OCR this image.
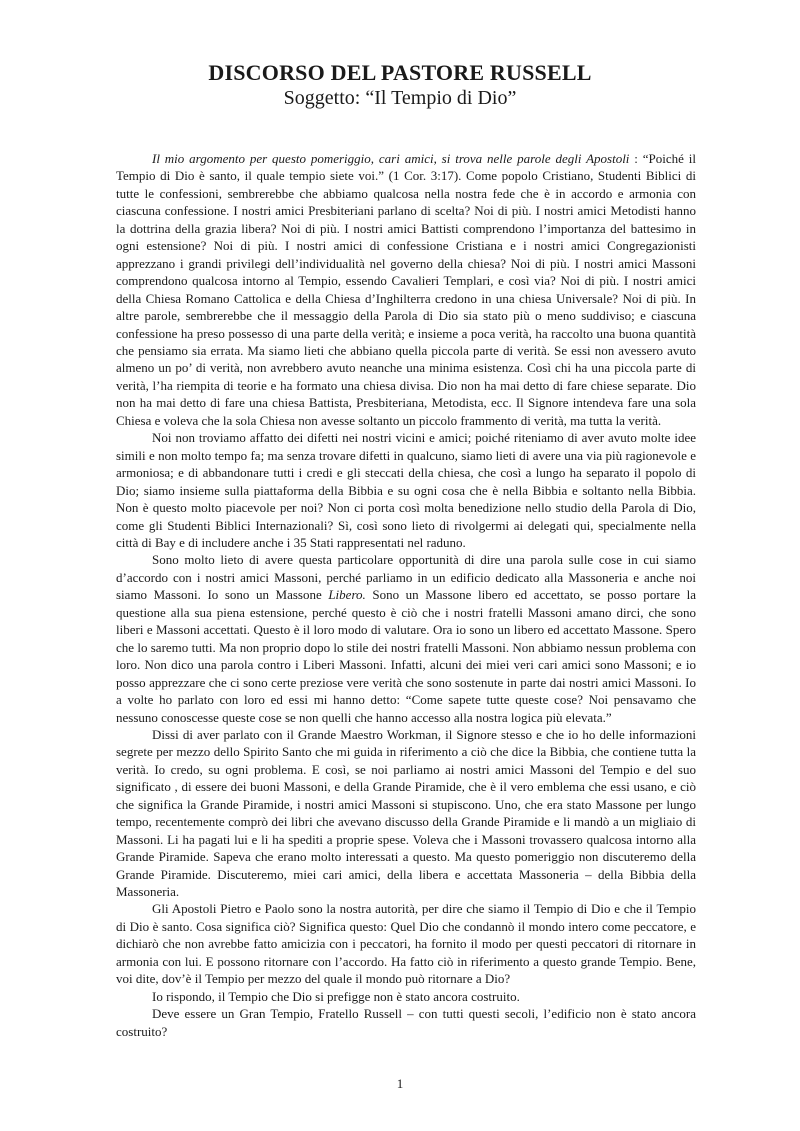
DISCORSO DEL PASTORE RUSSELL

Soggetto: “Il Tempio di Dio”

Il mio argomento per questo pomeriggio, cari amici, si trova nelle parole degli Apostoli : “Poiché il Tempio di Dio è santo, il quale tempio siete voi.” (1 Cor. 3:17). Come popolo Cristiano, Studenti Biblici di tutte le confessioni, sembrerebbe che abbiamo qualcosa nella nostra fede che è in accordo e armonia con ciascuna confessione. I nostri amici Presbiteriani parlano di scelta? Noi di più. I nostri amici Metodisti hanno la dottrina della grazia libera? Noi di più. I nostri amici Battisti comprendono l’importanza del battesimo in ogni estensione? Noi di più. I nostri amici di confessione Cristiana e i nostri amici Congregazionisti apprezzano i grandi privilegi dell’individualità nel governo della chiesa? Noi di più. I nostri amici Massoni comprendono qualcosa intorno al Tempio, essendo Cavalieri Templari, e così via? Noi di più. I nostri amici della Chiesa Romano Cattolica e della Chiesa d’Inghilterra credono in una chiesa Universale? Noi di più. In altre parole, sembrerebbe che il messaggio della Parola di Dio sia stato più o meno suddiviso; e ciascuna confessione ha preso possesso di una parte della verità; e insieme a poca verità, ha raccolto una buona quantità che pensiamo sia errata. Ma siamo lieti che abbiano quella piccola parte di verità. Se essi non avessero avuto almeno un po’ di verità, non avrebbero avuto neanche una minima esistenza. Così chi ha una piccola parte di verità, l’ha riempita di teorie e ha formato una chiesa divisa. Dio non ha mai detto di fare chiese separate. Dio non ha mai detto di fare una chiesa Battista, Presbiteriana, Metodista, ecc. Il Signore intendeva fare una sola Chiesa e voleva che la sola Chiesa non avesse soltanto un piccolo frammento di verità, ma tutta la verità.

Noi non troviamo affatto dei difetti nei nostri vicini e amici; poiché riteniamo di aver avuto molte idee simili e non molto tempo fa; ma senza trovare difetti in qualcuno, siamo lieti di avere una via più ragionevole e armoniosa; e di abbandonare tutti i credi e gli steccati della chiesa, che così a lungo ha separato il popolo di Dio; siamo insieme sulla piattaforma della Bibbia e su ogni cosa che è nella Bibbia e soltanto nella Bibbia. Non è questo molto piacevole per noi? Non ci porta così molta benedizione nello studio della Parola di Dio, come gli Studenti Biblici Internazionali? Sì, così sono lieto di rivolgermi ai delegati qui, specialmente nella città di Bay e di includere anche i 35 Stati rappresentati nel raduno.

Sono molto lieto di avere questa particolare opportunità di dire una parola sulle cose in cui siamo d’accordo con i nostri amici Massoni, perché parliamo in un edificio dedicato alla Massoneria e anche noi siamo Massoni. Io sono un Massone Libero. Sono un Massone libero ed accettato, se posso portare la questione alla sua piena estensione, perché questo è ciò che i nostri fratelli Massoni amano dirci, che sono liberi e Massoni accettati. Questo è il loro modo di valutare. Ora io sono un libero ed accettato Massone. Spero che lo saremo tutti. Ma non proprio dopo lo stile dei nostri fratelli Massoni. Non abbiamo nessun problema con loro. Non dico una parola contro i Liberi Massoni. Infatti, alcuni dei miei veri cari amici sono Massoni; e io posso apprezzare che ci sono certe preziose vere verità che sono sostenute in parte dai nostri amici Massoni. Io a volte ho parlato con loro ed essi mi hanno detto: “Come sapete tutte queste cose? Noi pensavamo che nessuno conoscesse queste cose se non quelli che hanno accesso alla nostra logica più elevata.”

Dissi di aver parlato con il Grande Maestro Workman, il Signore stesso e che io ho delle informazioni segrete per mezzo dello Spirito Santo che mi guida in riferimento a ciò che dice la Bibbia, che contiene tutta la verità. Io credo, su ogni problema. E così, se noi parliamo ai nostri amici Massoni del Tempio e del suo significato , di essere dei buoni Massoni, e della Grande Piramide, che è il vero emblema che essi usano, e ciò che significa la Grande Piramide, i nostri amici Massoni si stupiscono. Uno, che era stato Massone per lungo tempo, recentemente comprò dei libri che avevano discusso della Grande Piramide e li mandò a un migliaio di Massoni. Li ha pagati lui e li ha spediti a proprie spese. Voleva che i Massoni trovassero qualcosa intorno alla Grande Piramide. Sapeva che erano molto interessati a questo. Ma questo pomeriggio non discuteremo della Grande Piramide. Discuteremo, miei cari amici, della libera e accettata Massoneria – della Bibbia della Massoneria.

Gli Apostoli Pietro e Paolo sono la nostra autorità, per dire che siamo il Tempio di Dio e che il Tempio di Dio è santo. Cosa significa ciò? Significa questo: Quel Dio che condannò il mondo intero come peccatore, e dichiarò che non avrebbe fatto amicizia con i peccatori, ha fornito il modo per questi peccatori di ritornare in armonia con lui. E possono ritornare con l’accordo. Ha fatto ciò in riferimento a questo grande Tempio. Bene, voi dite, dov’è il Tempio per mezzo del quale il mondo può ritornare a Dio?

Io rispondo, il Tempio che Dio si prefigge non è stato ancora costruito.

Deve essere un Gran Tempio, Fratello Russell – con tutti questi secoli, l’edificio non è stato ancora costruito?

1
